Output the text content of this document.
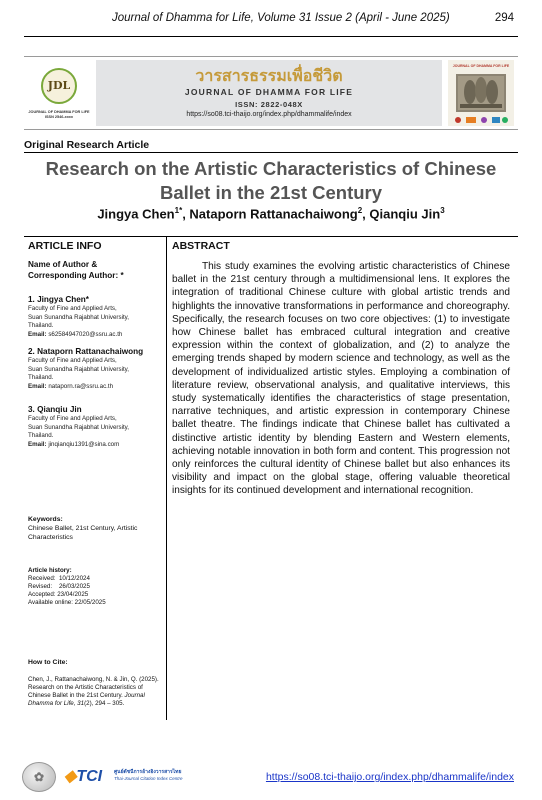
Journal of Dhamma for Life, Volume 31 Issue 2 (April - June 2025)	294
JDL
JOURNAL OF DHAMMA FOR LIFE ISSN 2546-xxxx
วารสารธรรมเพื่อชีวิต
JOURNAL OF DHAMMA FOR LIFE
ISSN: 2822-048X
https://so08.tci-thaijo.org/index.php/dhammalife/index
JOURNAL OF DHAMMA FOR LIFE
Original Research Article
Research on the Artistic Characteristics of Chinese
Ballet in the 21st Century
Jingya Chen$^{1*}$, Nataporn Rattanachaiwong$^2$, Qianqiu Jin$^3$
ARTICLE INFO
Name of Author &
Corresponding Author: *
1. Jingya Chen*
Faculty of Fine and Applied Arts,
Suan Sunandha Rajabhat University,
Thailand.
Email: s62584947020@ssru.ac.th
2. Nataporn Rattanachaiwong
Faculty of Fine and Applied Arts,
Suan Sunandha Rajabhat University,
Thailand.
Email: nataporn.ra@ssru.ac.th
3. Qianqiu Jin
Faculty of Fine and Applied Arts,
Suan Sunandha Rajabhat University,
Thailand.
Email: jinqianqiu1391@sina.com
Keywords:
Chinese Ballet, 21st Century, Artistic Characteristics
Article history:
Received:  10/12/2024
Revised:    26/03/2025
Accepted: 23/04/2025
Available online: 22/05/2025
How to Cite:
Chen, J., Rattanachaiwong, N. & Jin, Q. (2025). Research on the Artistic Characteristics of Chinese Ballet in the 21st Century. Journal Dhamma for Life, 31(2), 294 – 305.
ABSTRACT
This study examines the evolving artistic characteristics of Chinese ballet in the 21st century through a multidimensional lens. It explores the integration of traditional Chinese culture with global artistic trends and highlights the innovative transformations in performance and choreography. Specifically, the research focuses on two core objectives: (1) to investigate how Chinese ballet has embraced cultural integration and creative expression within the context of globalization, and (2) to analyze the emerging trends shaped by modern science and technology, as well as the development of individualized artistic styles. Employing a combination of literature review, observational analysis, and qualitative interviews, this study systematically identifies the characteristics of stage presentation, narrative techniques, and artistic expression in contemporary Chinese ballet theatre. The findings indicate that Chinese ballet has cultivated a distinctive artistic identity by blending Eastern and Western elements, achieving notable innovation in both form and content. This progression not only reinforces the cultural identity of Chinese ballet but also enhances its visibility and impact on the global stage, offering valuable theoretical insights for its continued development and international recognition.
✿	◆TCI ศูนย์ดัชนีการอ้างอิงวารสารไทย
Thai-Journal Citation Index Centre	https://so08.tci-thaijo.org/index.php/dhammalife/index
